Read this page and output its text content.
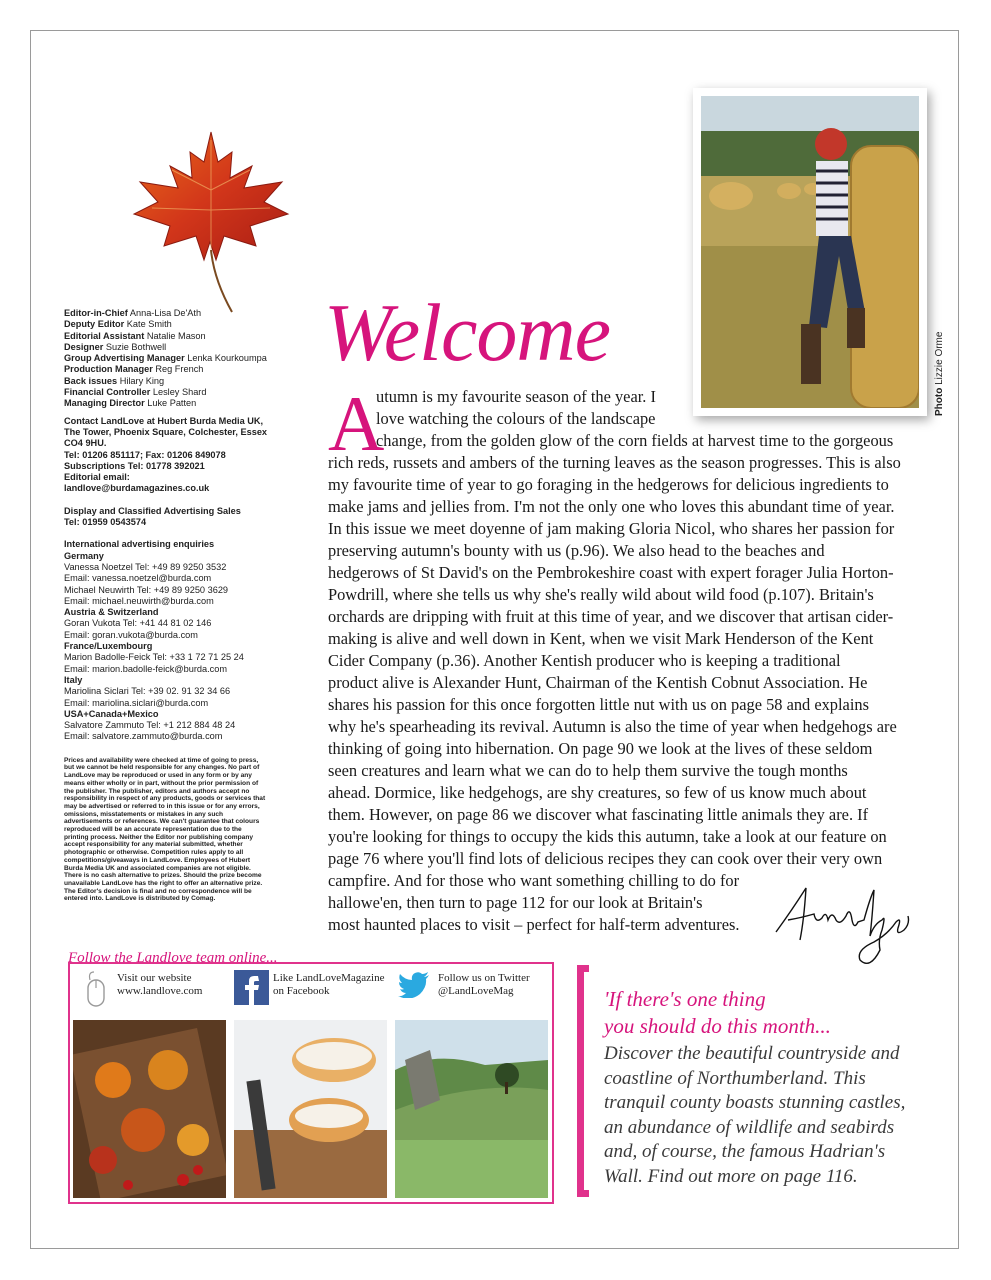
Photo Lizzie Orme
Editor-in-Chief Anna-Lisa De'Ath
Deputy Editor Kate Smith
Editorial Assistant Natalie Mason
Designer Suzie Bothwell
Group Advertising Manager Lenka Kourkoumpa
Production Manager Reg French
Back issues Hilary King
Financial Controller Lesley Shard
Managing Director Luke Patten
Contact LandLove at Hubert Burda Media UK,
The Tower, Phoenix Square, Colchester, Essex
CO4 9HU.
Tel: 01206 851117; Fax: 01206 849078
Subscriptions Tel: 01778 392021
Editorial email:
landlove@burdamagazines.co.uk
Display and Classified Advertising Sales
Tel: 01959 0543574
International advertising enquiries
Germany
Vanessa Noetzel Tel: +49 89 9250 3532
Email: vanessa.noetzel@burda.com
Michael Neuwirth Tel: +49 89 9250 3629
Email: michael.neuwirth@burda.com
Austria & Switzerland
Goran Vukota Tel: +41 44 81 02 146
Email: goran.vukota@burda.com
France/Luxembourg
Marion Badolle-Feick Tel: +33 1 72 71 25 24
Email: marion.badolle-feick@burda.com
Italy
Mariolina Siclari Tel: +39 02. 91 32 34 66
Email: mariolina.siclari@burda.com
USA+Canada+Mexico
Salvatore Zammuto Tel: +1 212 884 48 24
Email: salvatore.zammuto@burda.com
Prices and availability were checked at time of going to press,
but we cannot be held responsible for any changes. No part of
LandLove may be reproduced or used in any form or by any
means either wholly or in part, without the prior permission of
the publisher. The publisher, editors and authors accept no
responsibility in respect of any products, goods or services that
may be advertised or referred to in this issue or for any errors,
omissions, misstatements or mistakes in any such
advertisements or references. We can't guarantee that colours
reproduced will be an accurate representation due to the
printing process. Neither the Editor nor publishing company
accept responsibility for any material submitted, whether
photographic or otherwise. Competition rules apply to all
competitions/giveaways in LandLove. Employees of Hubert
Burda Media UK and associated companies are not eligible.
There is no cash alternative to prizes. Should the prize become
unavailable LandLove has the right to offer an alternative prize.
The Editor's decision is final and no correspondence will be
entered into. LandLove is distributed by Comag.
Welcome
A
utumn is my favourite season of the year. I
love watching the colours of the landscape
change, from the golden glow of the corn fields at harvest time to the gorgeous
rich reds, russets and ambers of the turning leaves as the season progresses. This is also
my favourite time of year to go foraging in the hedgerows for delicious ingredients to
make jams and jellies from. I'm not the only one who loves this abundant time of year.
In this issue we meet doyenne of jam making Gloria Nicol, who shares her passion for
preserving autumn's bounty with us (p.96). We also head to the beaches and
hedgerows of St David's on the Pembrokeshire coast with expert forager Julia Horton-
Powdrill, where she tells us why she's really wild about wild food (p.107). Britain's
orchards are dripping with fruit at this time of year, and we discover that artisan cider-
making is alive and well down in Kent, when we visit Mark Henderson of the Kent
Cider Company (p.36). Another Kentish producer who is keeping a traditional
product alive is Alexander Hunt, Chairman of the Kentish Cobnut Association. He
shares his passion for this once forgotten little nut with us on page 58 and explains
why he's spearheading its revival. Autumn is also the time of year when hedgehogs are
thinking of going into hibernation. On page 90 we look at the lives of these seldom
seen creatures and learn what we can do to help them survive the tough months
ahead. Dormice, like hedgehogs, are shy creatures, so few of us know much about
them. However, on page 86 we discover what fascinating little animals they are. If
you're looking for things to occupy the kids this autumn, take a look at our feature on
page 76 where you'll find lots of delicious recipes they can cook over their very own
campfire. And for those who want something chilling to do for
hallowe'en, then turn to page 112 for our look at Britain's
most haunted places to visit – perfect for half-term adventures.
Follow the Landlove team online...
Visit our website
www.landlove.com
Like LandLoveMagazine
on Facebook
Follow us on Twitter
@LandLoveMag	'If there's one thing
you should do this month...
Discover the beautiful countryside and
coastline of Northumberland. This
tranquil county boasts stunning castles,
an abundance of wildlife and seabirds
and, of course, the famous Hadrian's
Wall. Find out more on page 116.
